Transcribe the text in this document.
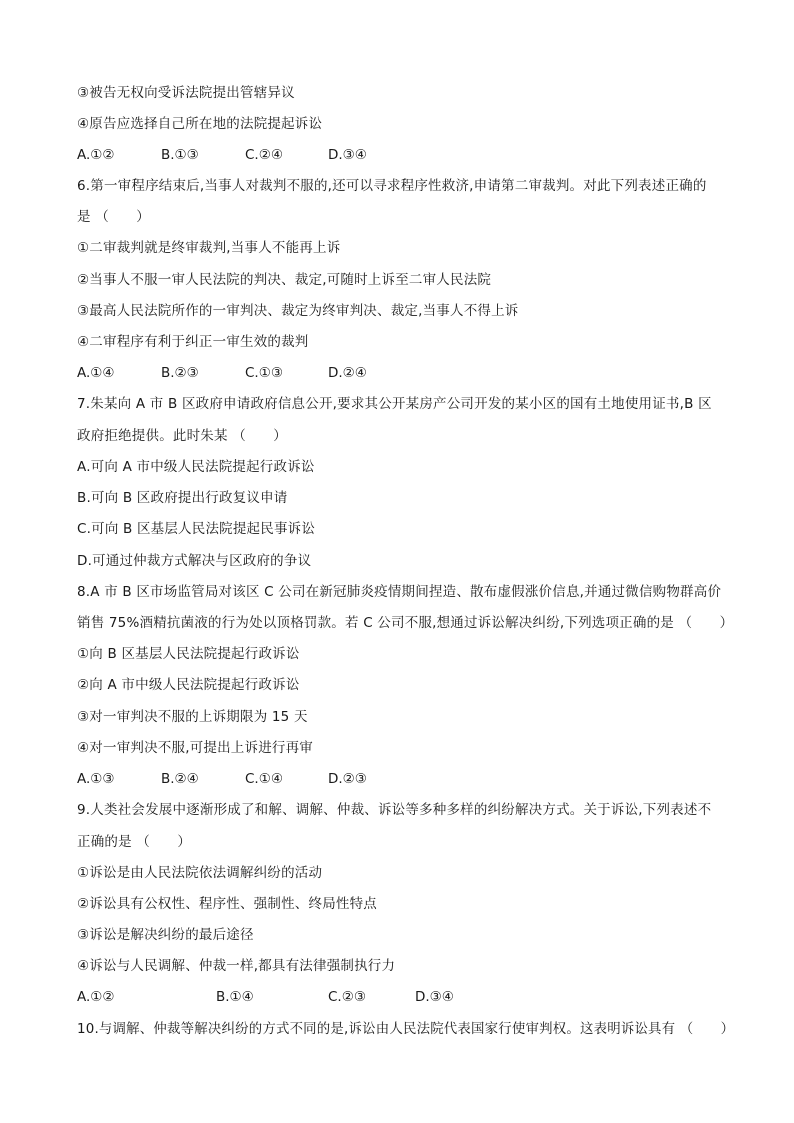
③被告无权向受诉法院提出管辖异议
④原告应选择自己所在地的法院提起诉讼
A.①②	B.①③	C.②④	D.③④
6.第一审程序结束后,当事人对裁判不服的,还可以寻求程序性救济,申请第二审裁判。对此下列表述正确的
是 （　　）
①二审裁判就是终审裁判,当事人不能再上诉
②当事人不服一审人民法院的判决、裁定,可随时上诉至二审人民法院
③最高人民法院所作的一审判决、裁定为终审判决、裁定,当事人不得上诉
④二审程序有利于纠正一审生效的裁判
A.①④	B.②③	C.①③	D.②④
7.朱某向 A 市 B 区政府申请政府信息公开,要求其公开某房产公司开发的某小区的国有土地使用证书,B 区
政府拒绝提供。此时朱某 （　　）
A.可向 A 市中级人民法院提起行政诉讼
B.可向 B 区政府提出行政复议申请
C.可向 B 区基层人民法院提起民事诉讼
D.可通过仲裁方式解决与区政府的争议
8.A 市 B 区市场监管局对该区 C 公司在新冠肺炎疫情期间捏造、散布虚假涨价信息,并通过微信购物群高价
销售 75%酒精抗菌液的行为处以顶格罚款。若 C 公司不服,想通过诉讼解决纠纷,下列选项正确的是 （　　）
①向 B 区基层人民法院提起行政诉讼
②向 A 市中级人民法院提起行政诉讼
③对一审判决不服的上诉期限为 15 天
④对一审判决不服,可提出上诉进行再审
A.①③	B.②④	C.①④	D.②③
9.人类社会发展中逐渐形成了和解、调解、仲裁、诉讼等多种多样的纠纷解决方式。关于诉讼,下列表述不
正确的是 （　　）
①诉讼是由人民法院依法调解纠纷的活动
②诉讼具有公权性、程序性、强制性、终局性特点
③诉讼是解决纠纷的最后途径
④诉讼与人民调解、仲裁一样,都具有法律强制执行力
A.①②	B.①④	C.②③	D.③④
10.与调解、仲裁等解决纠纷的方式不同的是,诉讼由人民法院代表国家行使审判权。这表明诉讼具有 （　　）
